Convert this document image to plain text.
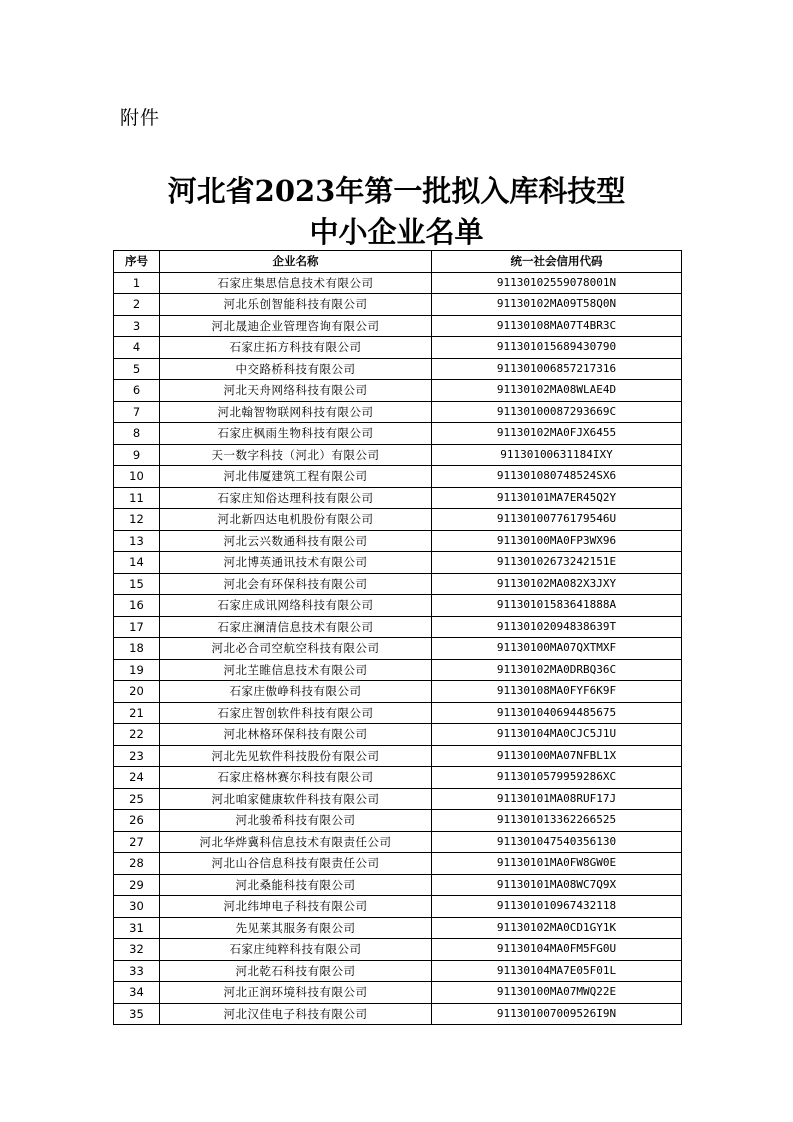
附件
河北省2023年第一批拟入库科技型
中小企业名单
序号	企业名称	统一社会信用代码
1	石家庄集思信息技术有限公司	91130102559078001N
2	河北乐创智能科技有限公司	91130102MA09T58Q0N
3	河北晟迪企业管理咨询有限公司	91130108MA07T4BR3C
4	石家庄拓方科技有限公司	911301015689430790
5	中交路桥科技有限公司	911301006857217316
6	河北天舟网络科技有限公司	91130102MA08WLAE4D
7	河北翰智物联网科技有限公司	91130100087293669C
8	石家庄枫雨生物科技有限公司	91130102MA0FJX6455
9	天一数字科技（河北）有限公司	91130100631184IXY
10	河北伟厦建筑工程有限公司	911301080748524SX6
11	石家庄知俗达理科技有限公司	91130101MA7ER45Q2Y
12	河北新四达电机股份有限公司	91130100776179546U
13	河北云兴数通科技有限公司	91130100MA0FP3WX96
14	河北博英通讯技术有限公司	91130102673242151E
15	河北会有环保科技有限公司	91130102MA082X3JXY
16	石家庄成讯网络科技有限公司	91130101583641888A
17	石家庄澜清信息技术有限公司	91130102094838639T
18	河北必合司空航空科技有限公司	91130100MA07QXTMXF
19	河北芏睢信息技术有限公司	91130102MA0DRBQ36C
20	石家庄傲峥科技有限公司	91130108MA0FYF6K9F
21	石家庄智创软件科技有限公司	911301040694485675
22	河北林格环保科技有限公司	91130104MA0CJC5J1U
23	河北先见软件科技股份有限公司	91130100MA07NFBL1X
24	石家庄格林赛尔科技有限公司	9113010579959286XC
25	河北咱家健康软件科技有限公司	91130101MA08RUF17J
26	河北骏希科技有限公司	911301013362266525
27	河北华烨冀科信息技术有限责任公司	911301047540356130
28	河北山谷信息科技有限责任公司	91130101MA0FW8GW0E
29	河北桑能科技有限公司	91130101MA08WC7Q9X
30	河北纬坤电子科技有限公司	911301010967432118
31	先见莱其服务有限公司	91130102MA0CD1GY1K
32	石家庄纯粹科技有限公司	91130104MA0FM5FG0U
33	河北乾石科技有限公司	91130104MA7E05F01L
34	河北正润环境科技有限公司	91130100MA07MWQ22E
35	河北汉佳电子科技有限公司	911301007009526I9N
